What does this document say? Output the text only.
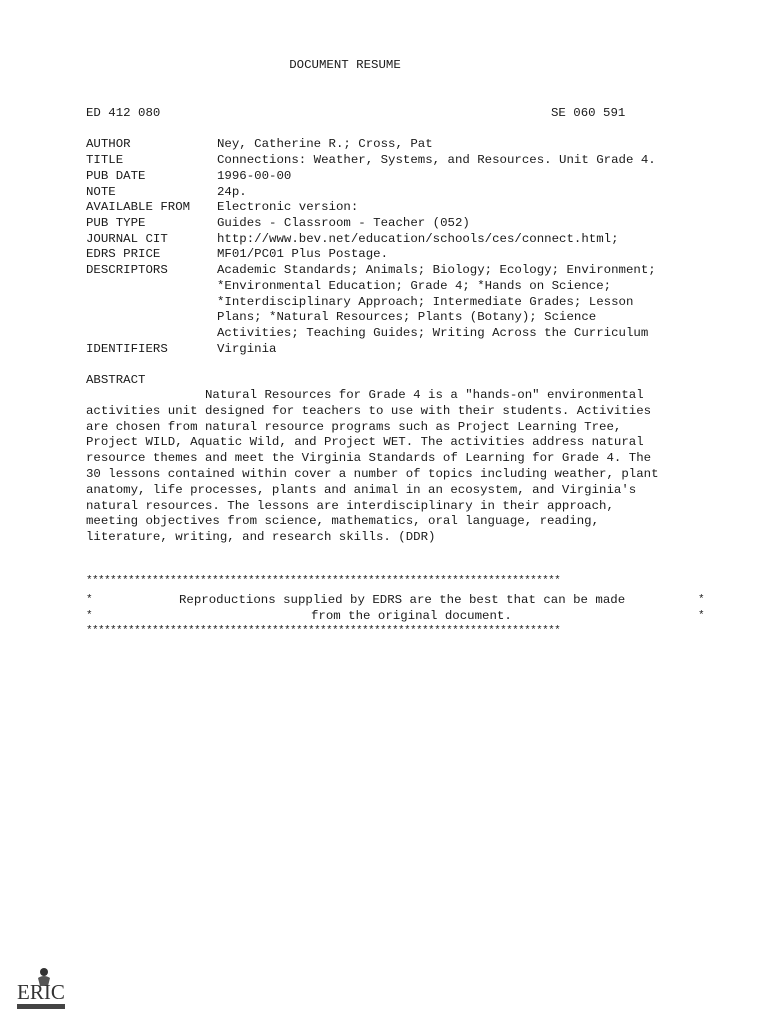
DOCUMENT RESUME
ED 412 080	SE 060 591
AUTHOR	Ney, Catherine R.; Cross, Pat
TITLE	Connections: Weather, Systems, and Resources. Unit Grade 4.
PUB DATE	1996-00-00
NOTE	24p.
AVAILABLE FROM	Electronic version:
PUB TYPE	Guides - Classroom - Teacher (052)
JOURNAL CIT	http://www.bev.net/education/schools/ces/connect.html;
EDRS PRICE	MF01/PC01 Plus Postage.
DESCRIPTORS	Academic Standards; Animals; Biology; Ecology; Environment;
*Environmental Education; Grade 4; *Hands on Science;
*Interdisciplinary Approach; Intermediate Grades; Lesson
Plans; *Natural Resources; Plants (Botany); Science
Activities; Teaching Guides; Writing Across the Curriculum
IDENTIFIERS	Virginia
ABSTRACT
Natural Resources for Grade 4 is a "hands-on" environmental
activities unit designed for teachers to use with their students. Activities
are chosen from natural resource programs such as Project Learning Tree,
Project WILD, Aquatic Wild, and Project WET. The activities address natural
resource themes and meet the Virginia Standards of Learning for Grade 4. The
30 lessons contained within cover a number of topics including weather, plant
anatomy, life processes, plants and animal in an ecosystem, and Virginia's
natural resources. The lessons are interdisciplinary in their approach,
meeting objectives from science, mathematics, oral language, reading,
literature, writing, and research skills. (DDR)
*******************************************************************************
*	*
Reproductions supplied by EDRS are the best that can be made
*	*
from the original document.
*******************************************************************************
ERIC
